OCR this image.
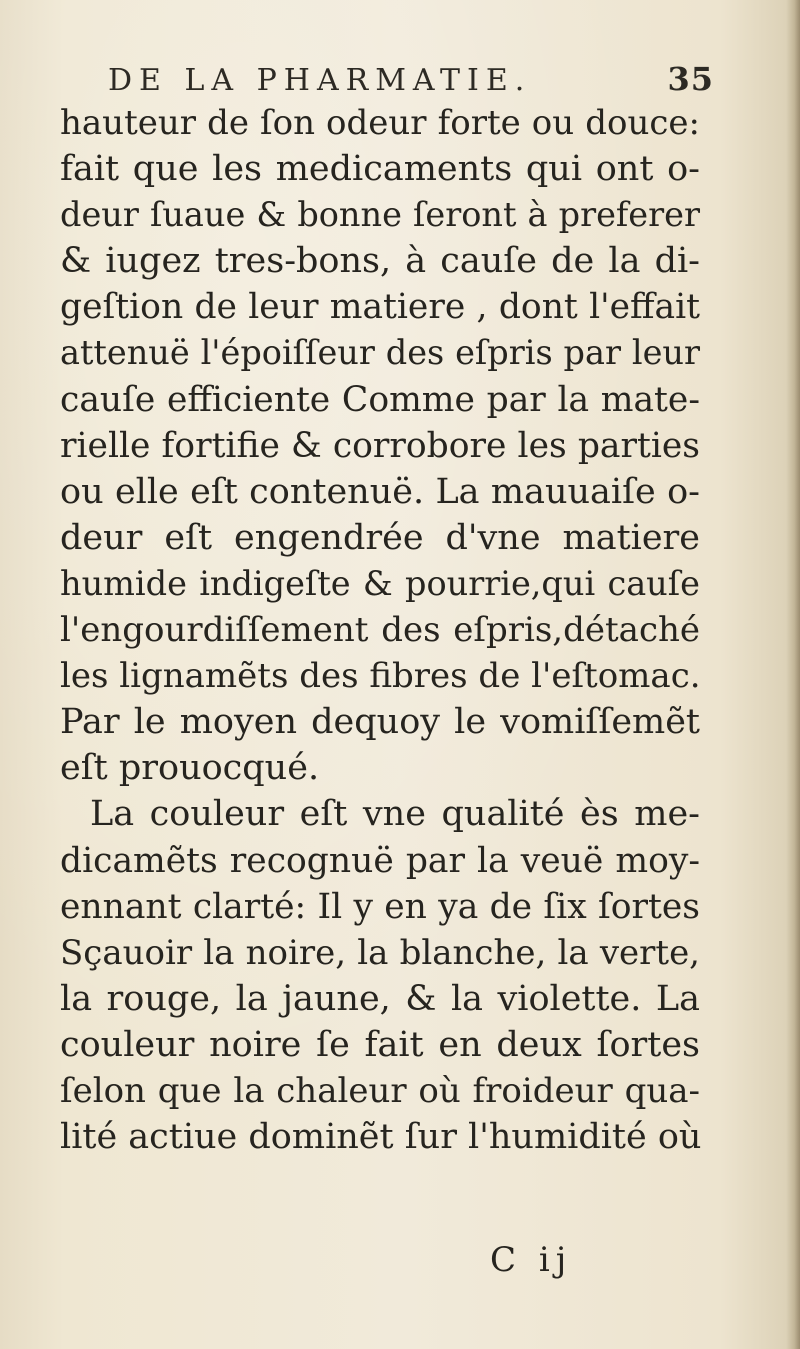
DE LA PHARMATIE.	35
hauteur de ſon odeur forte ou douce:
fait que les medicaments qui ont o-
deur ſuaue & bonne ſeront à preferer
& iugez tres-bons, à cauſe de la di-
geſtion de leur matiere , dont l'effait
attenuë l'époiſſeur des eſpris par leur
cauſe efficiente Comme par la mate-
rielle fortifie & corrobore les parties
ou elle eſt contenuë. La mauuaiſe o-
deur eſt engendrée d'vne matiere
humide indigeſte & pourrie,qui cauſe
l'engourdiſſement des eſpris,détaché
les lignamẽts des fibres de l'eſtomac.
Par le moyen dequoy le vomiſſemẽt
eſt prouocqué.
La couleur eſt vne qualité ès me-
dicamẽts recognuë par la veuë moy-
ennant clarté: Il y en ya de ſix ſortes
Sçauoir la noire, la blanche, la verte,
la rouge, la jaune, & la violette. La
couleur noire ſe fait en deux ſortes
ſelon que la chaleur où froideur qua-
lité actiue dominẽt ſur l'humidité où
C ij
